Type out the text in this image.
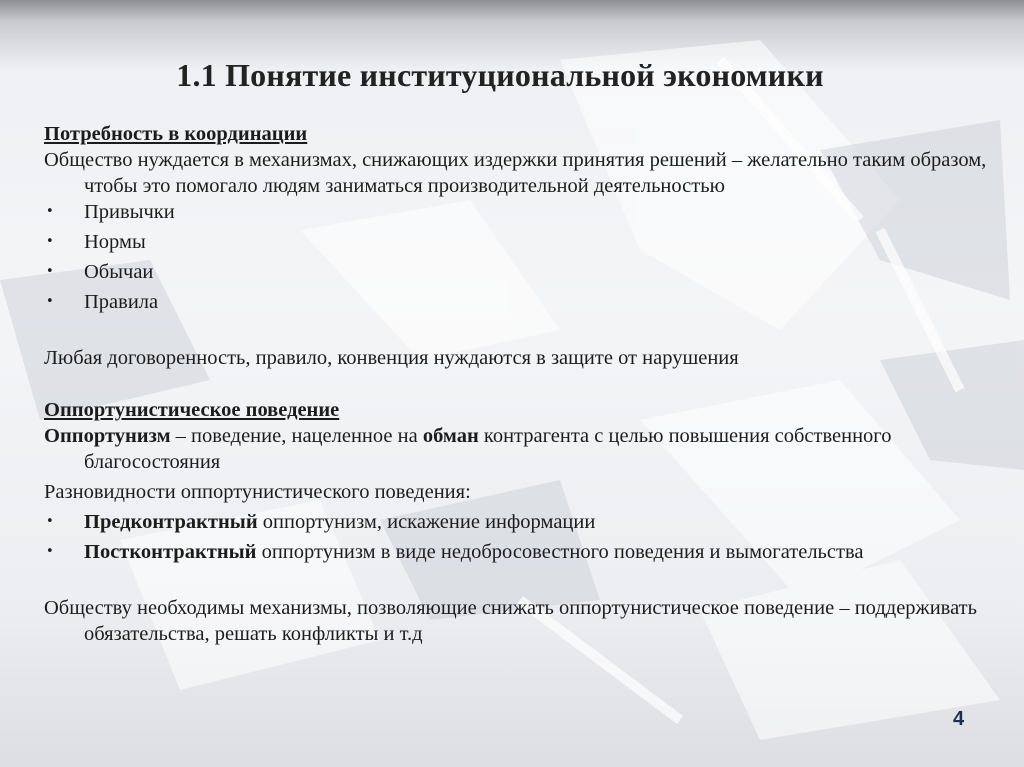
1.1 Понятие институциональной экономики

Потребность в координации

Общество нуждается в механизмах, снижающих издержки принятия решений – желательно таким образом, чтобы это помогало людям заниматься производительной деятельностью

• Привычки
• Нормы
• Обычаи
• Правила

Любая договоренность, правило, конвенция нуждаются в защите от нарушения

Оппортунистическое поведение

Оппортунизм – поведение, нацеленное на обман контрагента с целью повышения собственного благосостояния

Разновидности оппортунистического поведения:

• Предконтрактный оппортунизм, искажение информации
• Постконтрактный оппортунизм в виде недобросовестного поведения и вымогательства

Обществу необходимы механизмы, позволяющие снижать оппортунистическое поведение – поддерживать обязательства, решать конфликты и т.д

4
